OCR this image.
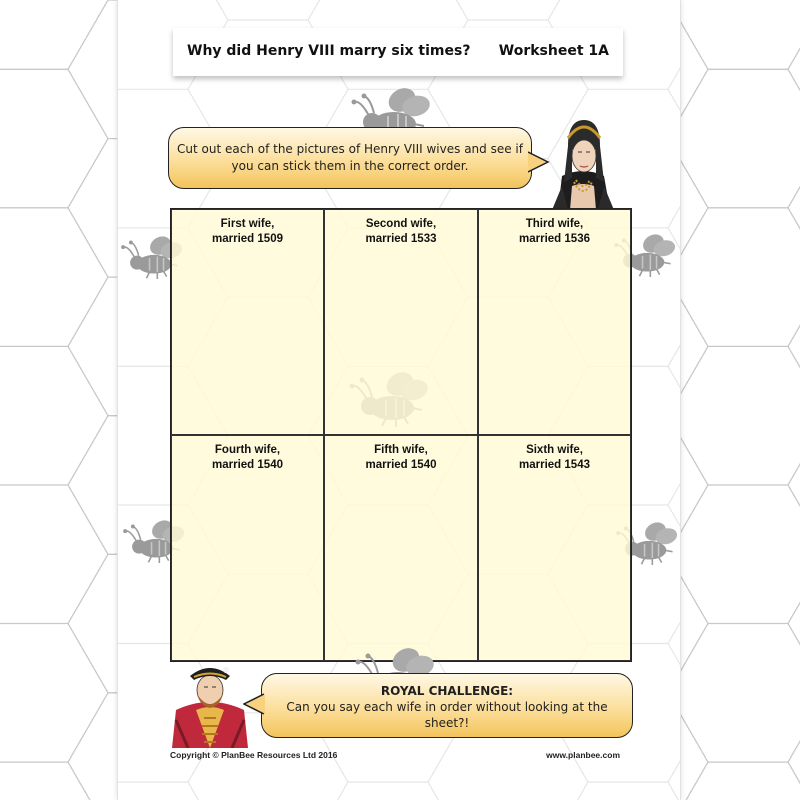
Why did Henry VIII marry six times? Worksheet 1A
Cut out each of the pictures of Henry VIII wives and see if
you can stick them in the correct order.
First wife,
married 1509
Second wife,
married 1533
Third wife,
married 1536
Fourth wife,
married 1540
Fifth wife,
married 1540
Sixth wife,
married 1543
ROYAL CHALLENGE:
Can you say each wife in order without looking at the
sheet?!
Copyright © PlanBee Resources Ltd 2016	www.planbee.com
